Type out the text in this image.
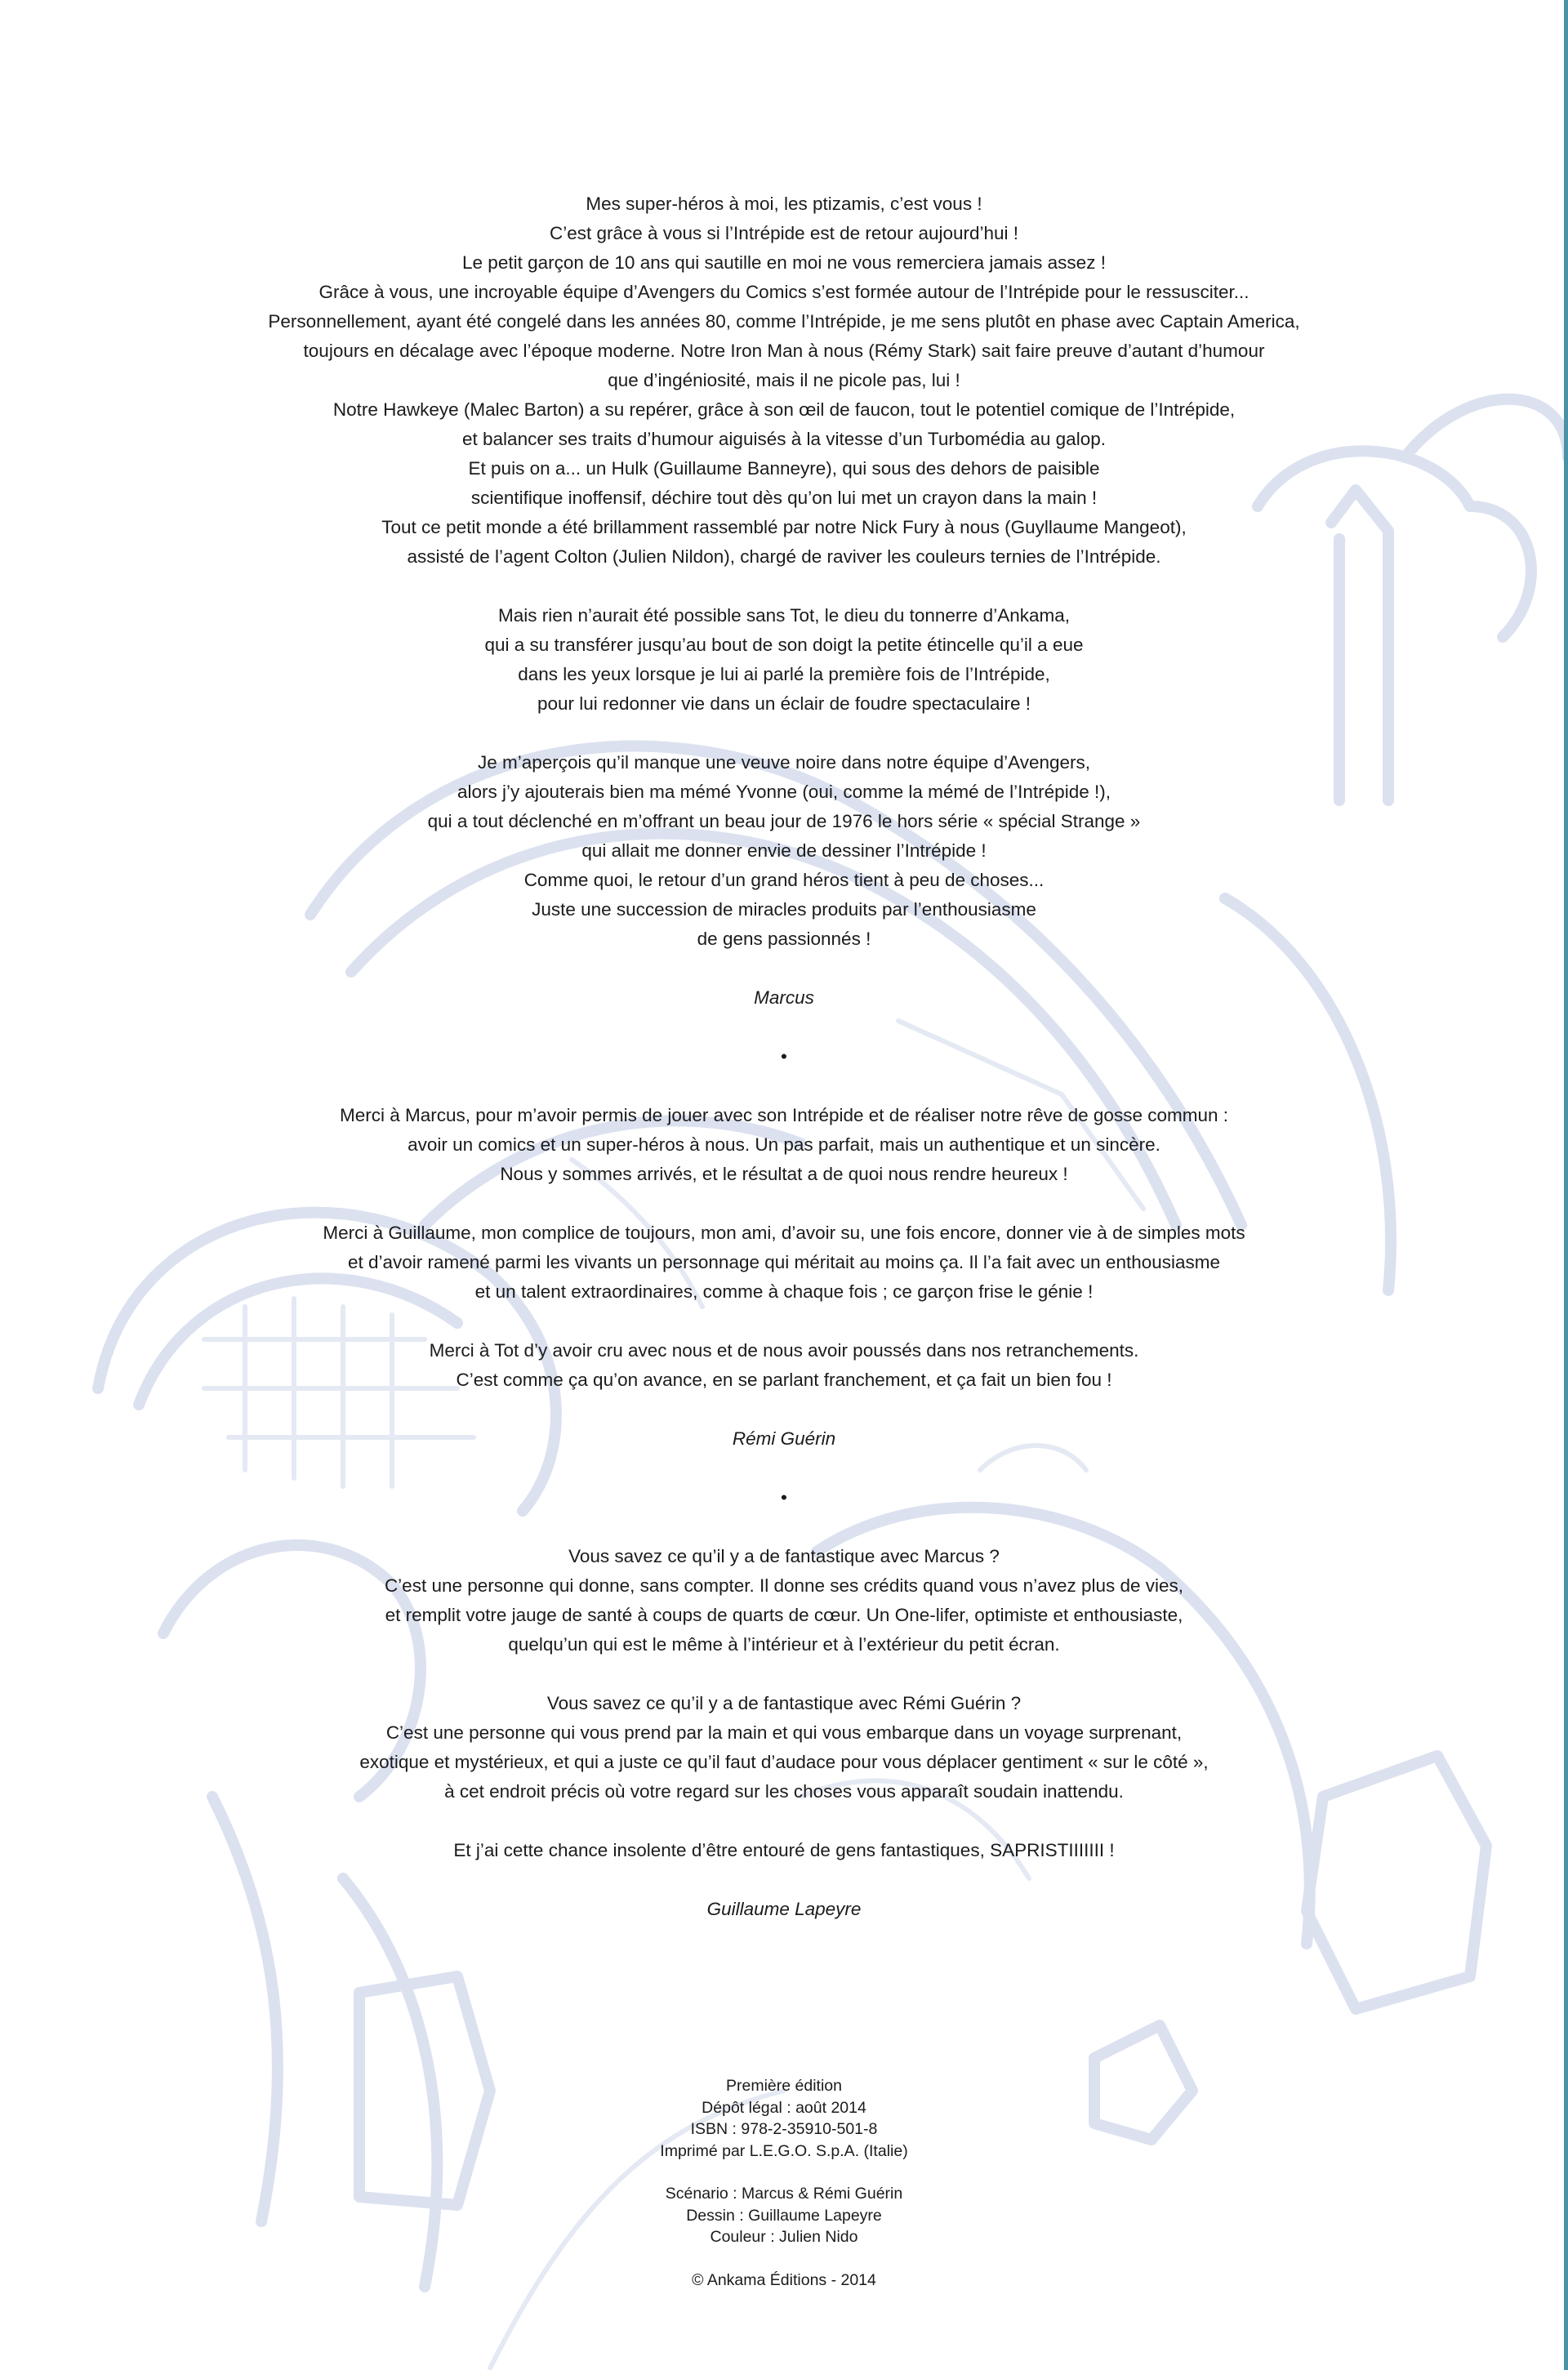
Mes super-héros à moi, les ptizamis, c’est vous !

C’est grâce à vous si l’Intrépide est de retour aujourd’hui !

Le petit garçon de 10 ans qui sautille en moi ne vous remerciera jamais assez !

Grâce à vous, une incroyable équipe d’Avengers du Comics s’est formée autour de l’Intrépide pour le ressusciter...

Personnellement, ayant été congelé dans les années 80, comme l’Intrépide, je me sens plutôt en phase avec Captain America,

toujours en décalage avec l’époque moderne. Notre Iron Man à nous (Rémy Stark) sait faire preuve d’autant d’humour

que d’ingéniosité, mais il ne picole pas, lui !

Notre Hawkeye (Malec Barton) a su repérer, grâce à son œil de faucon, tout le potentiel comique de l’Intrépide,

et balancer ses traits d’humour aiguisés à la vitesse d’un Turbomédia au galop.

Et puis on a... un Hulk (Guillaume Banneyre), qui sous des dehors de paisible

scientifique inoffensif, déchire tout dès qu’on lui met un crayon dans la main !

Tout ce petit monde a été brillamment rassemblé par notre Nick Fury à nous (Guyllaume Mangeot),

assisté de l’agent Colton (Julien Nildon), chargé de raviver les couleurs ternies de l’Intrépide.

Mais rien n’aurait été possible sans Tot, le dieu du tonnerre d’Ankama,

qui a su transférer jusqu’au bout de son doigt la petite étincelle qu’il a eue

dans les yeux lorsque je lui ai parlé la première fois de l’Intrépide,

pour lui redonner vie dans un éclair de foudre spectaculaire !

Je m’aperçois qu’il manque une veuve noire dans notre équipe d’Avengers,

alors j’y ajouterais bien ma mémé Yvonne (oui, comme la mémé de l’Intrépide !),

qui a tout déclenché en m’offrant un beau jour de 1976 le hors série « spécial Strange »

qui allait me donner envie de dessiner l’Intrépide !

Comme quoi, le retour d’un grand héros tient à peu de choses...

Juste une succession de miracles produits par l’enthousiasme

de gens passionnés !

Marcus

•

Merci à Marcus, pour m’avoir permis de jouer avec son Intrépide et de réaliser notre rêve de gosse commun :

avoir un comics et un super-héros à nous. Un pas parfait, mais un authentique et un sincère.

Nous y sommes arrivés, et le résultat a de quoi nous rendre heureux !

Merci à Guillaume, mon complice de toujours, mon ami, d’avoir su, une fois encore, donner vie à de simples mots

et d’avoir ramené parmi les vivants un personnage qui méritait au moins ça. Il l’a fait avec un enthousiasme

et un talent extraordinaires, comme à chaque fois ; ce garçon frise le génie !

Merci à Tot d’y avoir cru avec nous et de nous avoir poussés dans nos retranchements.

C’est comme ça qu’on avance, en se parlant franchement, et ça fait un bien fou !

Rémi Guérin

•

Vous savez ce qu’il y a de fantastique avec Marcus ?

C’est une personne qui donne, sans compter. Il donne ses crédits quand vous n’avez plus de vies,

et remplit votre jauge de santé à coups de quarts de cœur. Un One-lifer, optimiste et enthousiaste,

quelqu’un qui est le même à l’intérieur et à l’extérieur du petit écran.

Vous savez ce qu’il y a de fantastique avec Rémi Guérin ?

C’est une personne qui vous prend par la main et qui vous embarque dans un voyage surprenant,

exotique et mystérieux, et qui a juste ce qu’il faut d’audace pour vous déplacer gentiment « sur le côté »,

à cet endroit précis où votre regard sur les choses vous apparaît soudain inattendu.

Et j’ai cette chance insolente d’être entouré de gens fantastiques, SAPRISTIIIIIII !

Guillaume Lapeyre

Première édition

Dépôt légal : août 2014

ISBN : 978-2-35910-501-8

Imprimé par L.E.G.O. S.p.A. (Italie)

Scénario : Marcus & Rémi Guérin

Dessin : Guillaume Lapeyre

Couleur : Julien Nido

© Ankama Éditions - 2014
